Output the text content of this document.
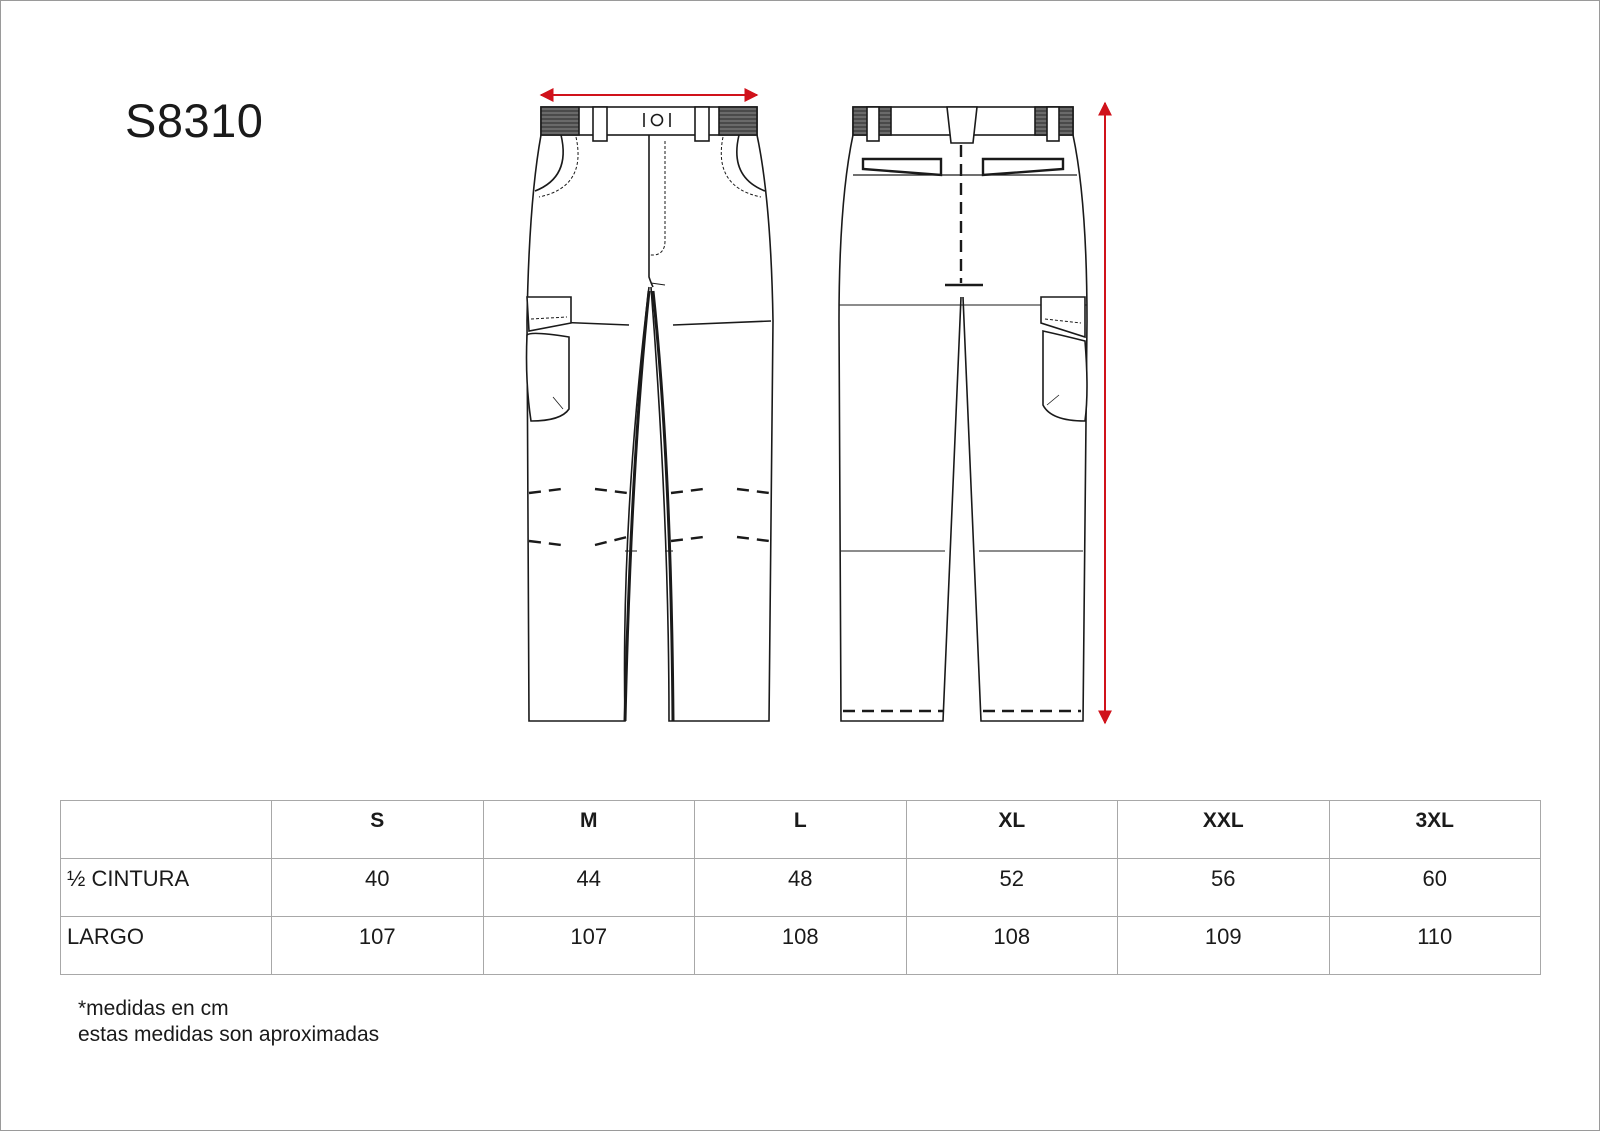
S8310
	S	M	L	XL	XXL	3XL
½ CINTURA	40	44	48	52	56	60
LARGO	107	107	108	108	109	110
*medidas en cm
estas medidas son aproximadas
